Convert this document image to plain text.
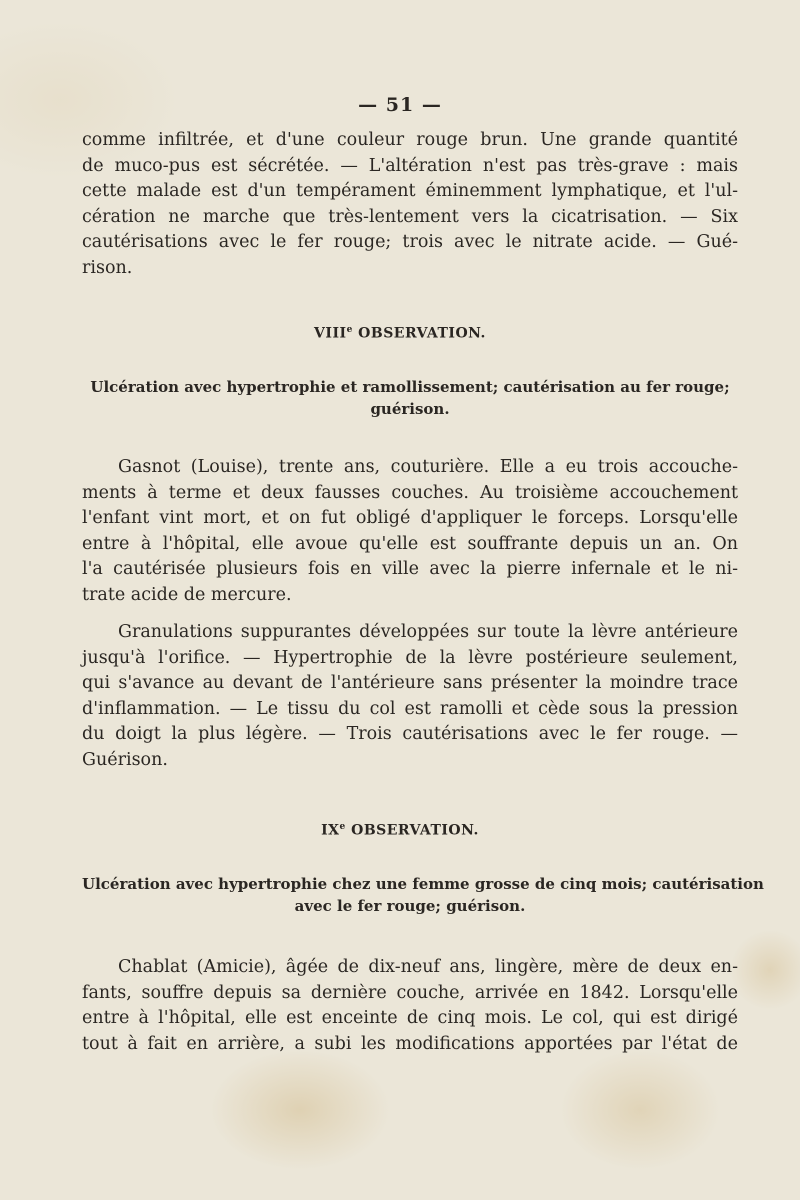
— 51 —
comme infiltrée, et d'une couleur rouge brun. Une grande quantité
de muco-pus est sécrétée. — L'altération n'est pas très-grave : mais
cette malade est d'un tempérament éminemment lymphatique, et l'ul-
cération ne marche que très-lentement vers la cicatrisation. — Six
cautérisations avec le fer rouge; trois avec le nitrate acide. — Gué-
rison.
VIIIe OBSERVATION.
Ulcération avec hypertrophie et ramollissement; cautérisation au fer rouge;
guérison.
Gasnot (Louise), trente ans, couturière. Elle a eu trois accouche-
ments à terme et deux fausses couches. Au troisième accouchement
l'enfant vint mort, et on fut obligé d'appliquer le forceps. Lorsqu'elle
entre à l'hôpital, elle avoue qu'elle est souffrante depuis un an. On
l'a cautérisée plusieurs fois en ville avec la pierre infernale et le ni-
trate acide de mercure.
Granulations suppurantes développées sur toute la lèvre antérieure
jusqu'à l'orifice. — Hypertrophie de la lèvre postérieure seulement,
qui s'avance au devant de l'antérieure sans présenter la moindre trace
d'inflammation. — Le tissu du col est ramolli et cède sous la pression
du doigt la plus légère. — Trois cautérisations avec le fer rouge. —
Guérison.
IXe OBSERVATION.
Ulcération avec hypertrophie chez une femme grosse de cinq mois; cautérisation
avec le fer rouge; guérison.
Chablat (Amicie), âgée de dix-neuf ans, lingère, mère de deux en-
fants, souffre depuis sa dernière couche, arrivée en 1842. Lorsqu'elle
entre à l'hôpital, elle est enceinte de cinq mois. Le col, qui est dirigé
tout à fait en arrière, a subi les modifications apportées par l'état de
